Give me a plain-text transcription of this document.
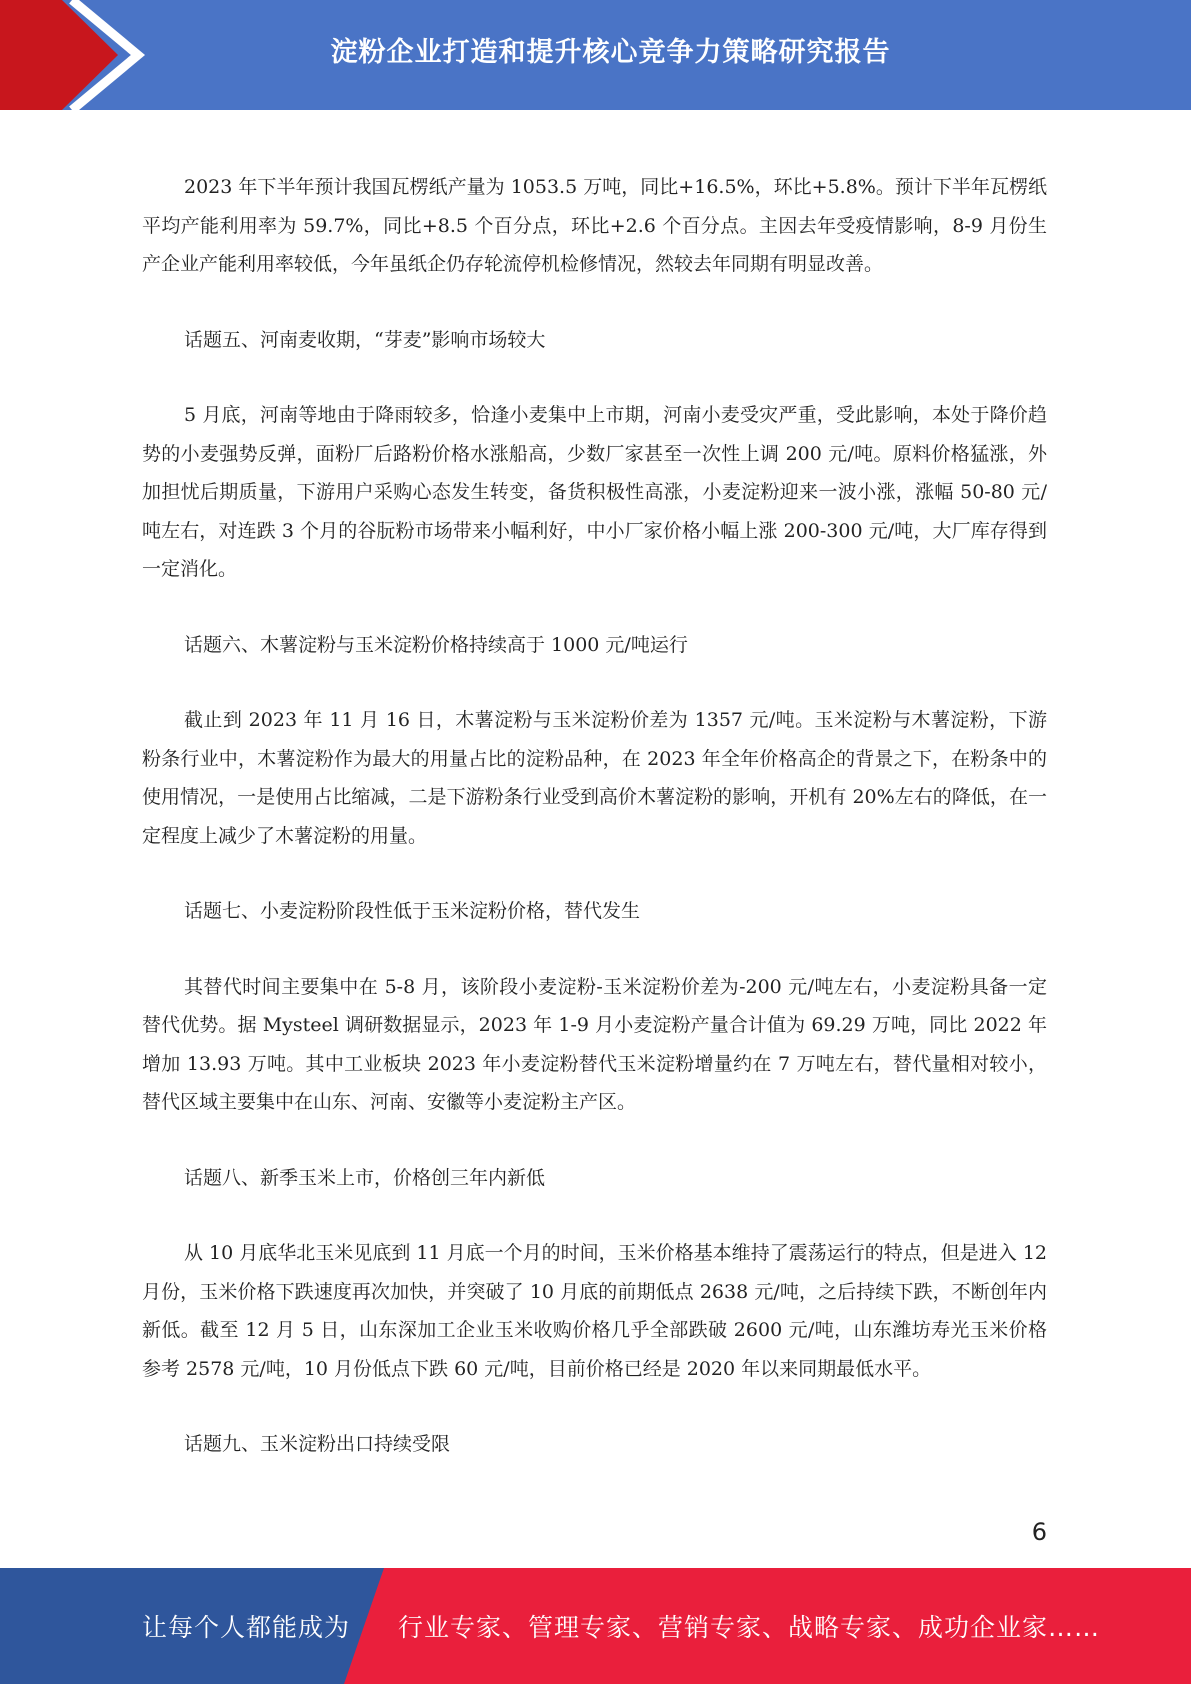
淀粉企业打造和提升核心竞争力策略研究报告

2023 年下半年预计我国瓦楞纸产量为 1053.5 万吨，同比+16.5%，环比+5.8%。预计下半年瓦楞纸平均产能利用率为 59.7%，同比+8.5 个百分点，环比+2.6 个百分点。主因去年受疫情影响，8-9 月份生产企业产能利用率较低，今年虽纸企仍存轮流停机检修情况，然较去年同期有明显改善。

话题五、河南麦收期，“芽麦”影响市场较大

5 月底，河南等地由于降雨较多，恰逢小麦集中上市期，河南小麦受灾严重，受此影响，本处于降价趋势的小麦强势反弹，面粉厂后路粉价格水涨船高，少数厂家甚至一次性上调 200 元/吨。原料价格猛涨，外加担忧后期质量，下游用户采购心态发生转变，备货积极性高涨，小麦淀粉迎来一波小涨，涨幅 50-80 元/吨左右，对连跌 3 个月的谷朊粉市场带来小幅利好，中小厂家价格小幅上涨 200-300 元/吨，大厂库存得到一定消化。

话题六、木薯淀粉与玉米淀粉价格持续高于 1000 元/吨运行

截止到 2023 年 11 月 16 日，木薯淀粉与玉米淀粉价差为 1357 元/吨。玉米淀粉与木薯淀粉，下游粉条行业中，木薯淀粉作为最大的用量占比的淀粉品种，在 2023 年全年价格高企的背景之下，在粉条中的使用情况，一是使用占比缩减，二是下游粉条行业受到高价木薯淀粉的影响，开机有 20%左右的降低，在一定程度上减少了木薯淀粉的用量。

话题七、小麦淀粉阶段性低于玉米淀粉价格，替代发生

其替代时间主要集中在 5-8 月，该阶段小麦淀粉-玉米淀粉价差为-200 元/吨左右，小麦淀粉具备一定替代优势。据 Mysteel 调研数据显示，2023 年 1-9 月小麦淀粉产量合计值为 69.29 万吨，同比 2022 年增加 13.93 万吨。其中工业板块 2023 年小麦淀粉替代玉米淀粉增量约在 7 万吨左右，替代量相对较小，替代区域主要集中在山东、河南、安徽等小麦淀粉主产区。

话题八、新季玉米上市，价格创三年内新低

从 10 月底华北玉米见底到 11 月底一个月的时间，玉米价格基本维持了震荡运行的特点，但是进入 12 月份，玉米价格下跌速度再次加快，并突破了 10 月底的前期低点 2638 元/吨，之后持续下跌，不断创年内新低。截至 12 月 5 日，山东深加工企业玉米收购价格几乎全部跌破 2600 元/吨，山东潍坊寿光玉米价格参考 2578 元/吨，10 月份低点下跌 60 元/吨，目前价格已经是 2020 年以来同期最低水平。

话题九、玉米淀粉出口持续受限

6
让每个人都能成为 行业专家、管理专家、营销专家、战略专家、成功企业家……
